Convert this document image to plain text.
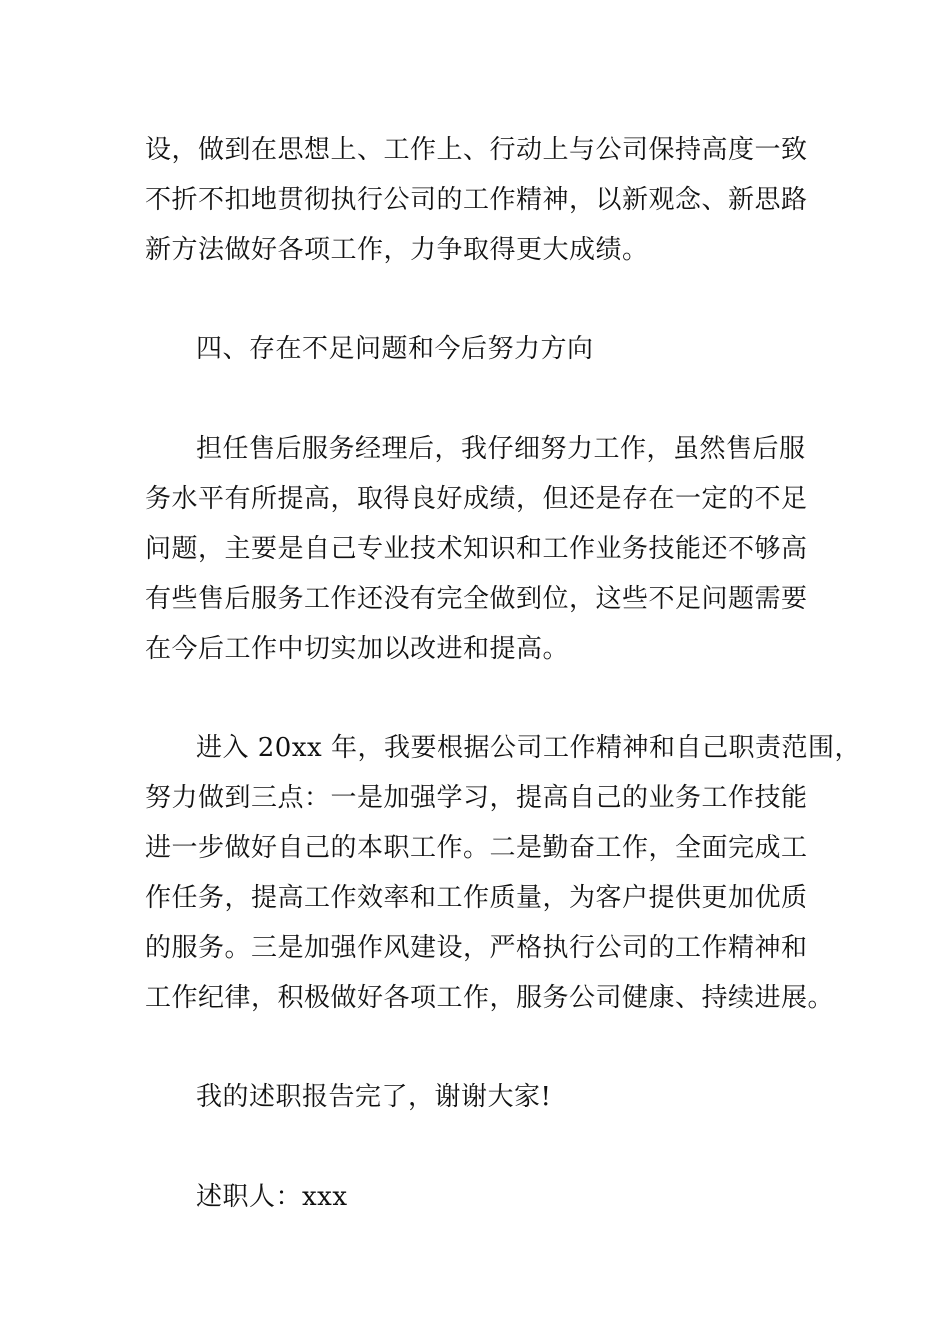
设，做到在思想上、工作上、行动上与公司保持高度一致
不折不扣地贯彻执行公司的工作精神，以新观念、新思路
新方法做好各项工作，力争取得更大成绩。
四、存在不足问题和今后努力方向
担任售后服务经理后，我仔细努力工作，虽然售后服
务水平有所提高，取得良好成绩，但还是存在一定的不足
问题，主要是自己专业技术知识和工作业务技能还不够高
有些售后服务工作还没有完全做到位，这些不足问题需要
在今后工作中切实加以改进和提高。
进入 20xx 年，我要根据公司工作精神和自己职责范围，
努力做到三点：一是加强学习，提高自己的业务工作技能
进一步做好自己的本职工作。二是勤奋工作，全面完成工
作任务，提高工作效率和工作质量，为客户提供更加优质
的服务。三是加强作风建设，严格执行公司的工作精神和
工作纪律，积极做好各项工作，服务公司健康、持续进展。
我的述职报告完了，谢谢大家!
述职人：xxx
